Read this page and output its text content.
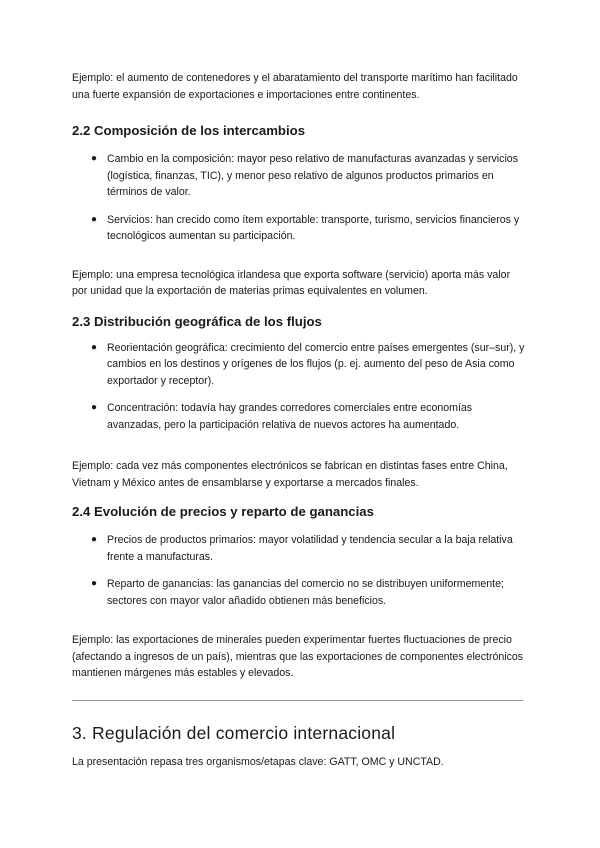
Ejemplo: el aumento de contenedores y el abaratamiento del transporte marítimo han facilitado una fuerte expansión de exportaciones e importaciones entre continentes.

2.2 Composición de los intercambios
● Cambio en la composición: mayor peso relativo de manufacturas avanzadas y servicios (logística, finanzas, TIC), y menor peso relativo de algunos productos primarios en términos de valor.
● Servicios: han crecido como ítem exportable: transporte, turismo, servicios financieros y tecnológicos aumentan su participación.

Ejemplo: una empresa tecnológica irlandesa que exporta software (servicio) aporta más valor por unidad que la exportación de materias primas equivalentes en volumen.

2.3 Distribución geográfica de los flujos
● Reorientación geográfica: crecimiento del comercio entre países emergentes (sur–sur), y cambios en los destinos y orígenes de los flujos (p. ej. aumento del peso de Asia como exportador y receptor).
● Concentración: todavía hay grandes corredores comerciales entre economías avanzadas, pero la participación relativa de nuevos actores ha aumentado.

Ejemplo: cada vez más componentes electrónicos se fabrican en distintas fases entre China, Vietnam y México antes de ensamblarse y exportarse a mercados finales.

2.4 Evolución de precios y reparto de ganancias
● Precios de productos primarios: mayor volatilidad y tendencia secular a la baja relativa frente a manufacturas.
● Reparto de ganancias: las ganancias del comercio no se distribuyen uniformemente; sectores con mayor valor añadido obtienen más beneficios.

Ejemplo: las exportaciones de minerales pueden experimentar fuertes fluctuaciones de precio (afectando a ingresos de un país), mientras que las exportaciones de componentes electrónicos mantienen márgenes más estables y elevados.

3. Regulación del comercio internacional

La presentación repasa tres organismos/etapas clave: GATT, OMC y UNCTAD.
